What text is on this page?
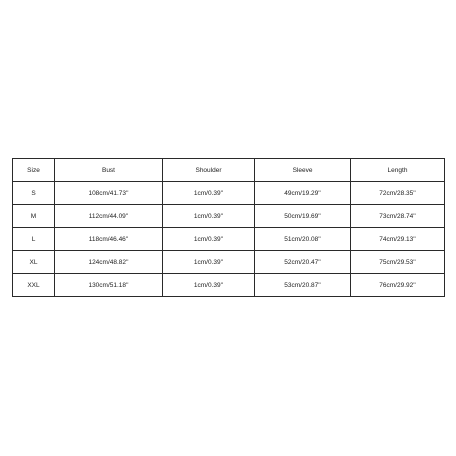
Size	Bust	Shoulder	Sleeve	Length
S	108cm/41.73''	1cm/0.39''	49cm/19.29''	72cm/28.35''
M	112cm/44.09''	1cm/0.39''	50cm/19.69''	73cm/28.74''
L	118cm/46.46''	1cm/0.39''	51cm/20.08''	74cm/29.13''
XL	124cm/48.82''	1cm/0.39''	52cm/20.47''	75cm/29.53''
XXL	130cm/51.18''	1cm/0.39''	53cm/20.87''	76cm/29.92''
